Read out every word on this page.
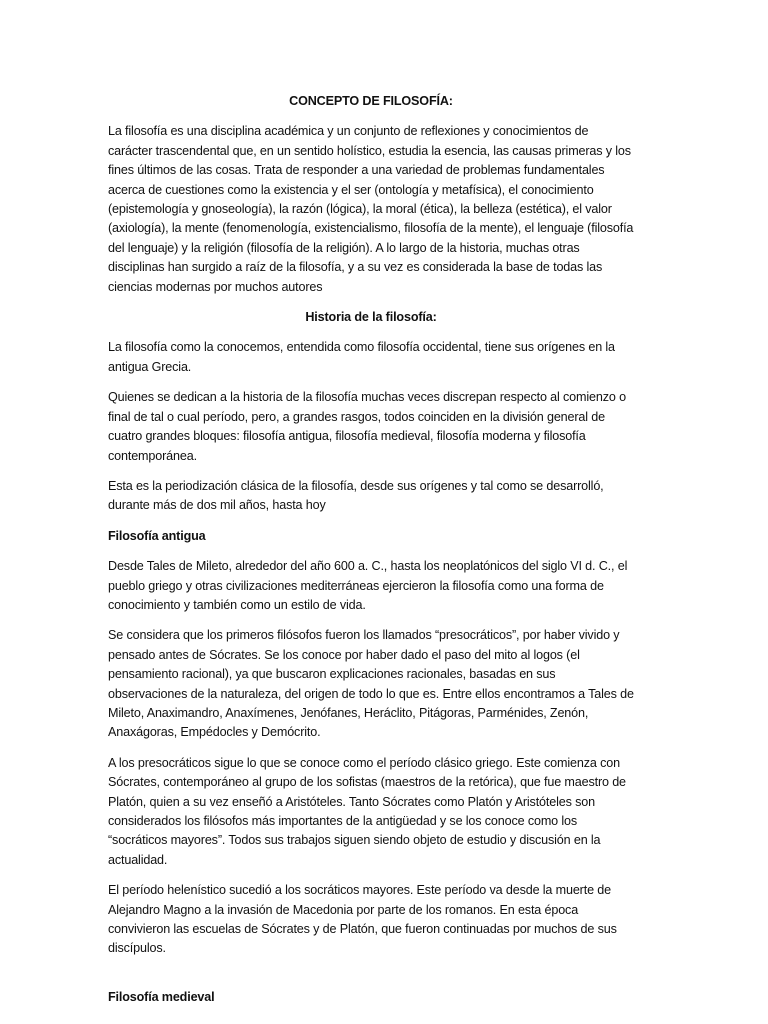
CONCEPTO DE FILOSOFÍA:

La filosofía es una disciplina académica y un conjunto de reflexiones y conocimientos de carácter trascendental que, en un sentido holístico, estudia la esencia, las causas primeras y los fines últimos de las cosas. Trata de responder a una variedad de problemas fundamentales acerca de cuestiones como la existencia y el ser (ontología y metafísica), el conocimiento (epistemología y gnoseología), la razón (lógica), la moral (ética), la belleza (estética), el valor (axiología), la mente (fenomenología, existencialismo, filosofía de la mente), el lenguaje (filosofía del lenguaje) y la religión (filosofía de la religión). A lo largo de la historia, muchas otras disciplinas han surgido a raíz de la filosofía, y a su vez es considerada la base de todas las ciencias modernas por muchos autores

Historia de la filosofía:

La filosofía como la conocemos, entendida como filosofía occidental, tiene sus orígenes en la antigua Grecia.

Quienes se dedican a la historia de la filosofía muchas veces discrepan respecto al comienzo o final de tal o cual período, pero, a grandes rasgos, todos coinciden en la división general de cuatro grandes bloques: filosofía antigua, filosofía medieval, filosofía moderna y filosofía contemporánea.

Esta es la periodización clásica de la filosofía, desde sus orígenes y tal como se desarrolló, durante más de dos mil años, hasta hoy

Filosofía antigua

Desde Tales de Mileto, alrededor del año 600 a. C., hasta los neoplatónicos del siglo VI d. C., el pueblo griego y otras civilizaciones mediterráneas ejercieron la filosofía como una forma de conocimiento y también como un estilo de vida.

Se considera que los primeros filósofos fueron los llamados “presocráticos”, por haber vivido y pensado antes de Sócrates. Se los conoce por haber dado el paso del mito al logos (el pensamiento racional), ya que buscaron explicaciones racionales, basadas en sus observaciones de la naturaleza, del origen de todo lo que es. Entre ellos encontramos a Tales de Mileto, Anaximandro, Anaxímenes, Jenófanes, Heráclito, Pitágoras, Parménides, Zenón, Anaxágoras, Empédocles y Demócrito.

A los presocráticos sigue lo que se conoce como el período clásico griego. Este comienza con Sócrates, contemporáneo al grupo de los sofistas (maestros de la retórica), que fue maestro de Platón, quien a su vez enseñó a Aristóteles. Tanto Sócrates como Platón y Aristóteles son considerados los filósofos más importantes de la antigüedad y se los conoce como los “socráticos mayores”. Todos sus trabajos siguen siendo objeto de estudio y discusión en la actualidad.

El período helenístico sucedió a los socráticos mayores. Este período va desde la muerte de Alejandro Magno a la invasión de Macedonia por parte de los romanos. En esta época convivieron las escuelas de Sócrates y de Platón, que fueron continuadas por muchos de sus discípulos.

Filosofía medieval
